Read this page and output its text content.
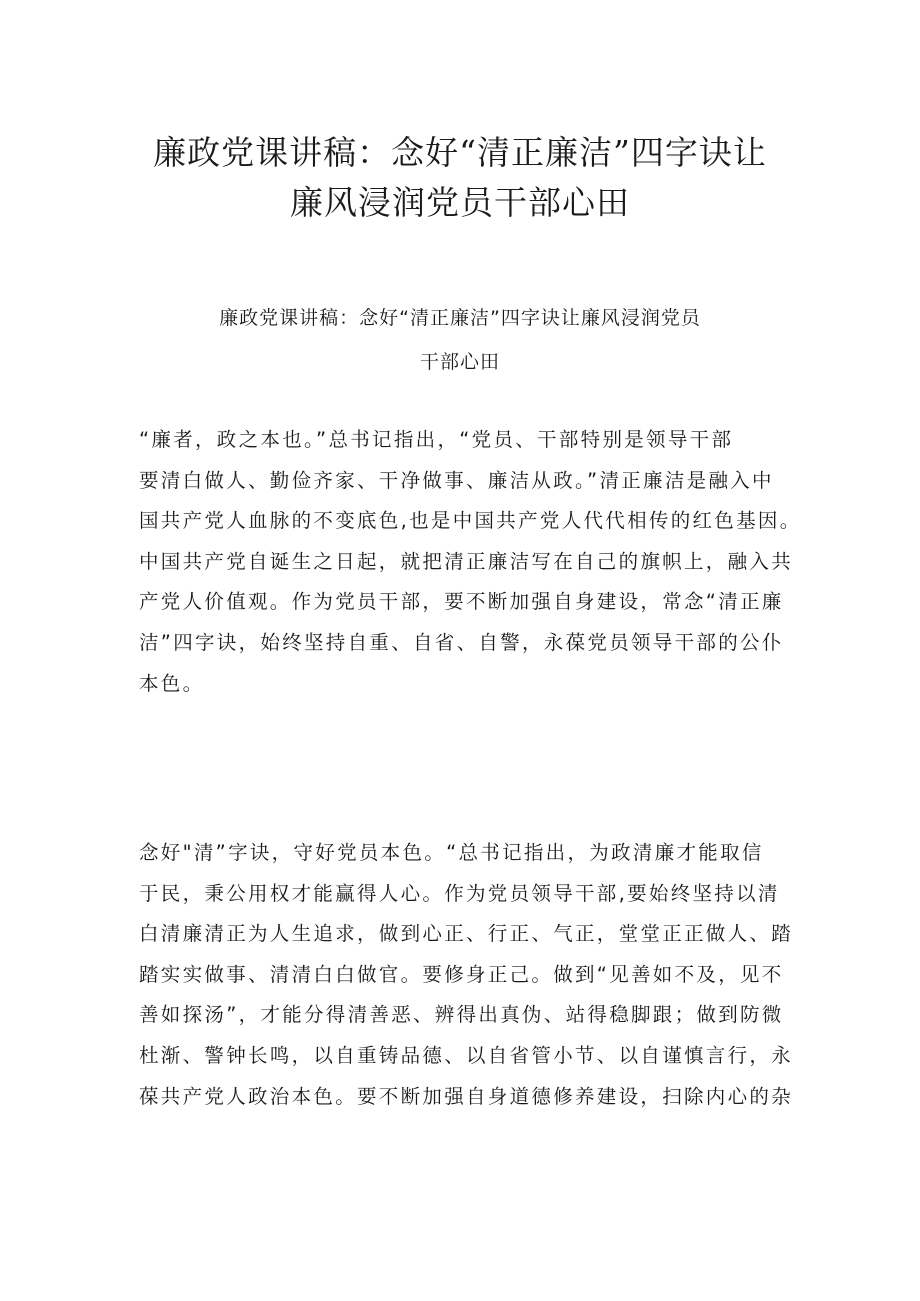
廉政党课讲稿：念好“清正廉洁”四字诀让
廉风浸润党员干部心田
廉政党课讲稿：念好“清正廉洁”四字诀让廉风浸润党员
干部心田
“廉者，政之本也。”总书记指出，“党员、干部特别是领导干部
要清白做人、勤俭齐家、干净做事、廉洁从政。”清正廉洁是融入中
国共产党人血脉的不变底色,也是中国共产党人代代相传的红色基因。
中国共产党自诞生之日起，就把清正廉洁写在自己的旗帜上，融入共
产党人价值观。作为党员干部，要不断加强自身建设，常念“清正廉
洁”四字诀，始终坚持自重、自省、自警，永葆党员领导干部的公仆
本色。
念好"清”字诀，守好党员本色。“总书记指出，为政清廉才能取信
于民，秉公用权才能赢得人心。作为党员领导干部,要始终坚持以清
白清廉清正为人生追求，做到心正、行正、气正，堂堂正正做人、踏
踏实实做事、清清白白做官。要修身正己。做到“见善如不及，见不
善如探汤”，才能分得清善恶、辨得出真伪、站得稳脚跟；做到防微
杜渐、警钟长鸣，以自重铸品德、以自省管小节、以自谨慎言行，永
葆共产党人政治本色。要不断加强自身道德修养建设，扫除内心的杂
